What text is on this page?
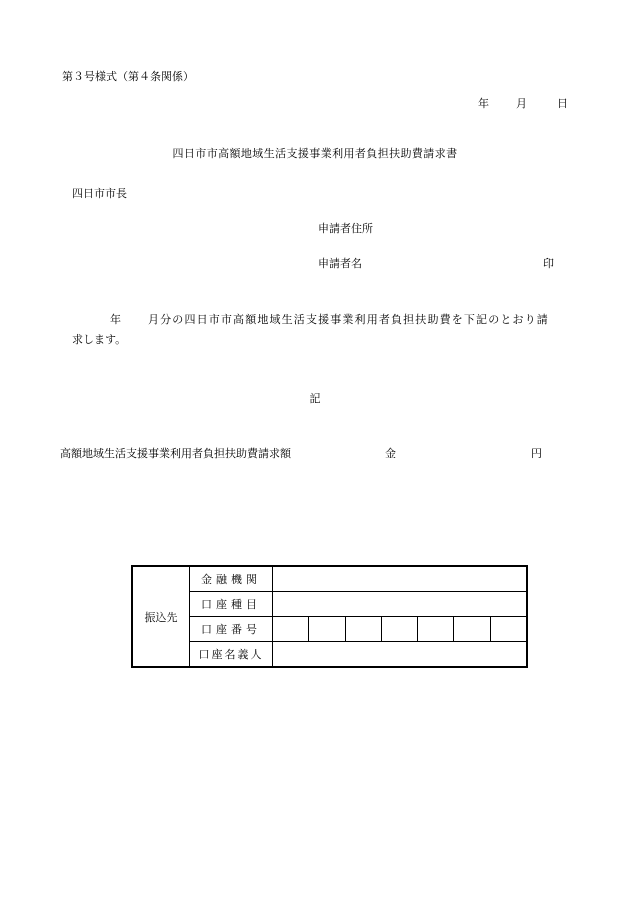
第３号様式（第４条関係）
年 月	日
四日市市高額地域生活支援事業利用者負担扶助費請求書
四日市市長
申請者住所
申請者名	印
年 月分の四日市市高額地域生活支援事業利用者負担扶助費を下記のとおり請
求します。
記
高額地域生活支援事業利用者負担扶助費請求額	金	円
振込先	金融機関							
	口座種目							
	口座番号							
	口座名義人							
